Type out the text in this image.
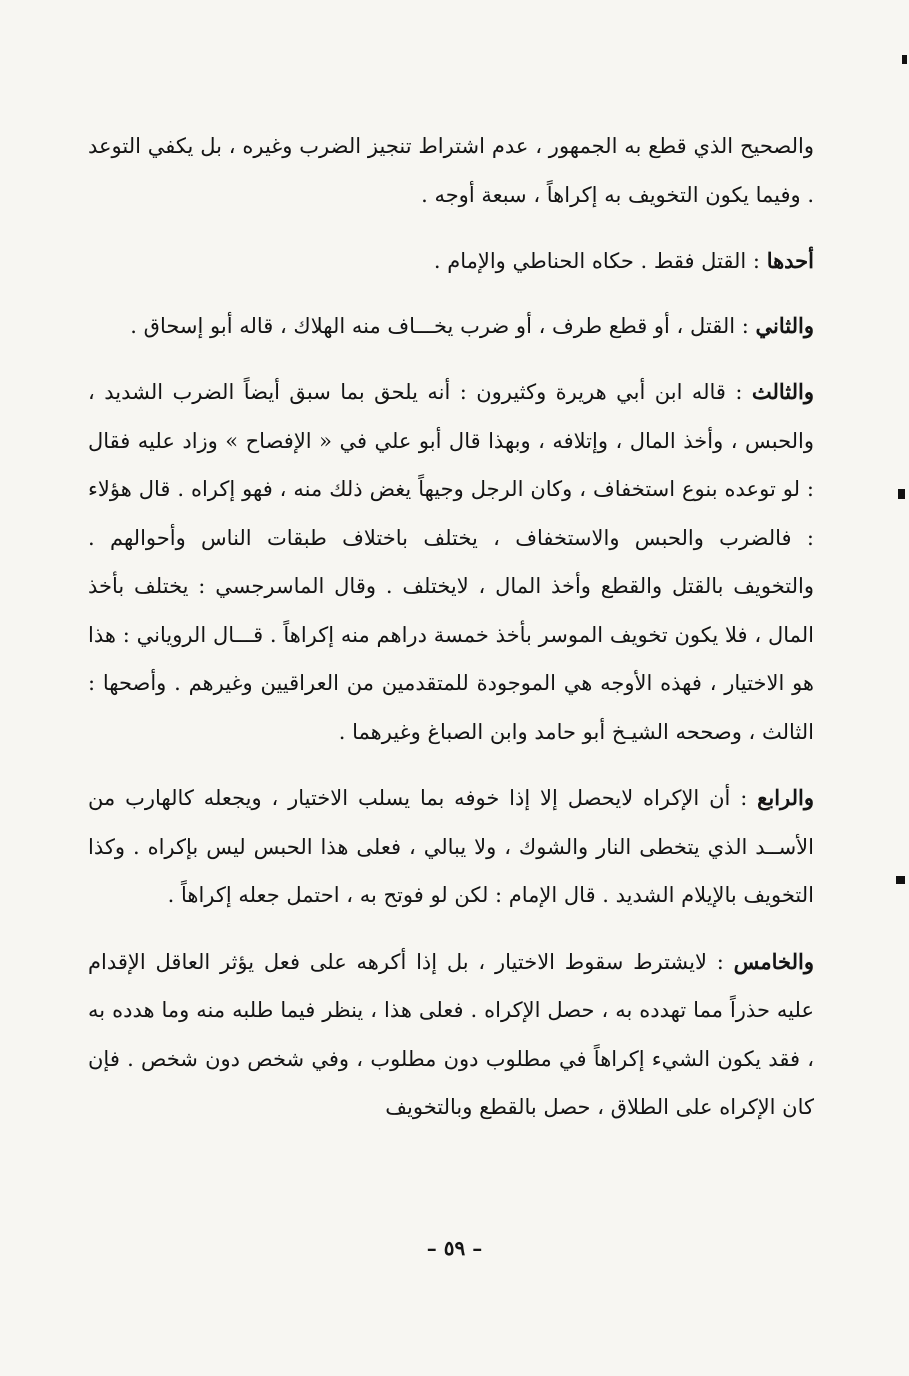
والصحيح الذي قطع به الجمهور ، عدم اشتراط تنجيز الضرب وغيره ، بل يكفي التوعد . وفيما يكون التخويف به إكراهاً ، سبعة أوجه .

أحدها : القتل فقط . حكاه الحناطي والإمام .

والثاني : القتل ، أو قطع طرف ، أو ضرب يخـــاف منه الهلاك ، قاله أبو إسحاق .

والثالث : قاله ابن أبي هريرة وكثيرون : أنه يلحق بما سبق أيضاً الضرب الشديد ، والحبس ، وأخذ المال ، وإتلافه ، وبهذا قال أبو علي في « الإفصاح » وزاد عليه فقال : لو توعده بنوع استخفاف ، وكان الرجل وجيهاً يغض ذلك منه ، فهو إكراه . قال هؤلاء : فالضرب والحبس والاستخفاف ، يختلف باختلاف طبقات الناس وأحوالهم . والتخويف بالقتل والقطع وأخذ المال ، لايختلف . وقال الماسرجسي : يختلف بأخذ المال ، فلا يكون تخويف الموسر بأخذ خمسة دراهم منه إكراهاً . قـــال الروياني : هذا هو الاختيار ، فهذه الأوجه هي الموجودة للمتقدمين من العراقيين وغيرهم . وأصحها : الثالث ، وصححه الشيـخ أبو حامد وابن الصباغ وغيرهما .

والرابع : أن الإكراه لايحصل إلا إذا خوفه بما يسلب الاختيار ، ويجعله كالهارب من الأســد الذي يتخطى النار والشوك ، ولا يبالي ، فعلى هذا الحبس ليس بإكراه . وكذا التخويف بالإيلام الشديد . قال الإمام : لكن لو فوتح به ، احتمل جعله إكراهاً .

والخامس : لايشترط سقوط الاختيار ، بل إذا أكرهه على فعل يؤثر العاقل الإقدام عليه حذراً مما تهدده به ، حصل الإكراه . فعلى هذا ، ينظر فيما طلبه منه وما هدده به ، فقد يكون الشيء إكراهاً في مطلوب دون مطلوب ، وفي شخص دون شخص . فإن كان الإكراه على الطلاق ، حصل بالقطع وبالتخويف

– ٥٩ –
